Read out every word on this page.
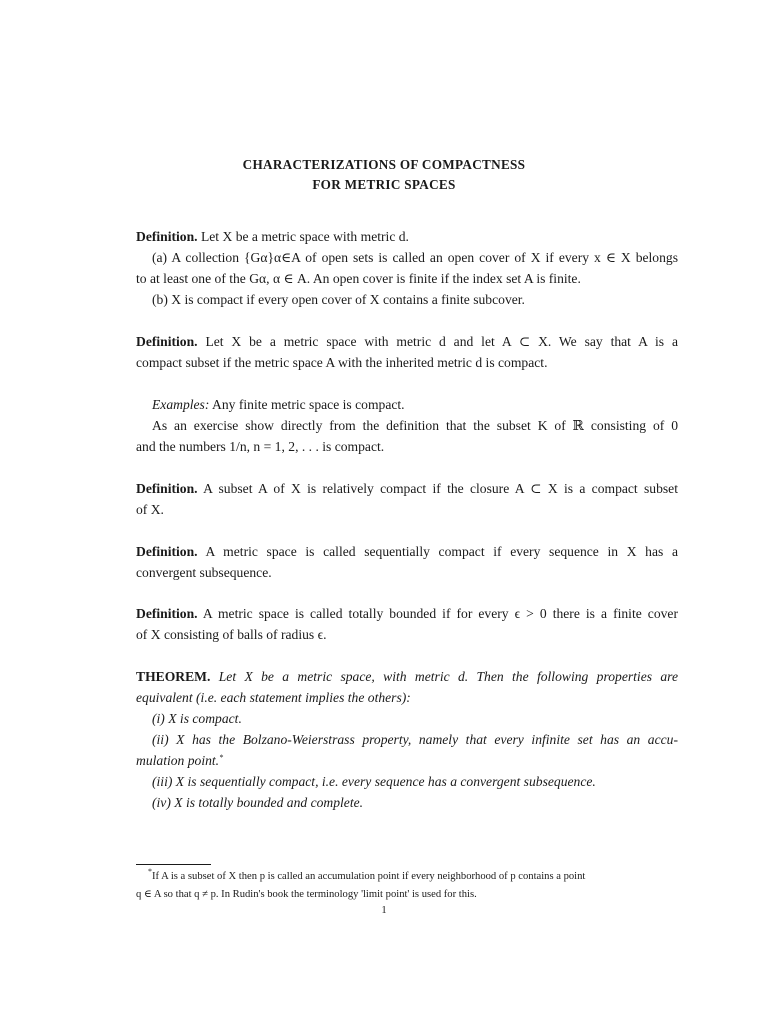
CHARACTERIZATIONS OF COMPACTNESS
FOR METRIC SPACES
Definition. Let X be a metric space with metric d.
(a) A collection {Gα}α∈A of open sets is called an open cover of X if every x ∈ X belongs
to at least one of the Gα, α ∈ A. An open cover is finite if the index set A is finite.
(b) X is compact if every open cover of X contains a finite subcover.
Definition. Let X be a metric space with metric d and let A ⊂ X. We say that A is a
compact subset if the metric space A with the inherited metric d is compact.
Examples: Any finite metric space is compact.
As an exercise show directly from the definition that the subset K of ℝ consisting of 0
and the numbers 1/n, n = 1, 2, . . . is compact.
Definition. A subset A of X is relatively compact if the closure A ⊂ X is a compact subset
of X.
Definition. A metric space is called sequentially compact if every sequence in X has a
convergent subsequence.
Definition. A metric space is called totally bounded if for every ϵ > 0 there is a finite cover
of X consisting of balls of radius ϵ.
THEOREM. Let X be a metric space, with metric d. Then the following properties are
equivalent (i.e. each statement implies the others):
(i) X is compact.
(ii) X has the Bolzano-Weierstrass property, namely that every infinite set has an accu-
mulation point.*
(iii) X is sequentially compact, i.e. every sequence has a convergent subsequence.
(iv) X is totally bounded and complete.
*If A is a subset of X then p is called an accumulation point if every neighborhood of p contains a point
q ∈ A so that q ≠ p. In Rudin's book the terminology 'limit point' is used for this.
1
